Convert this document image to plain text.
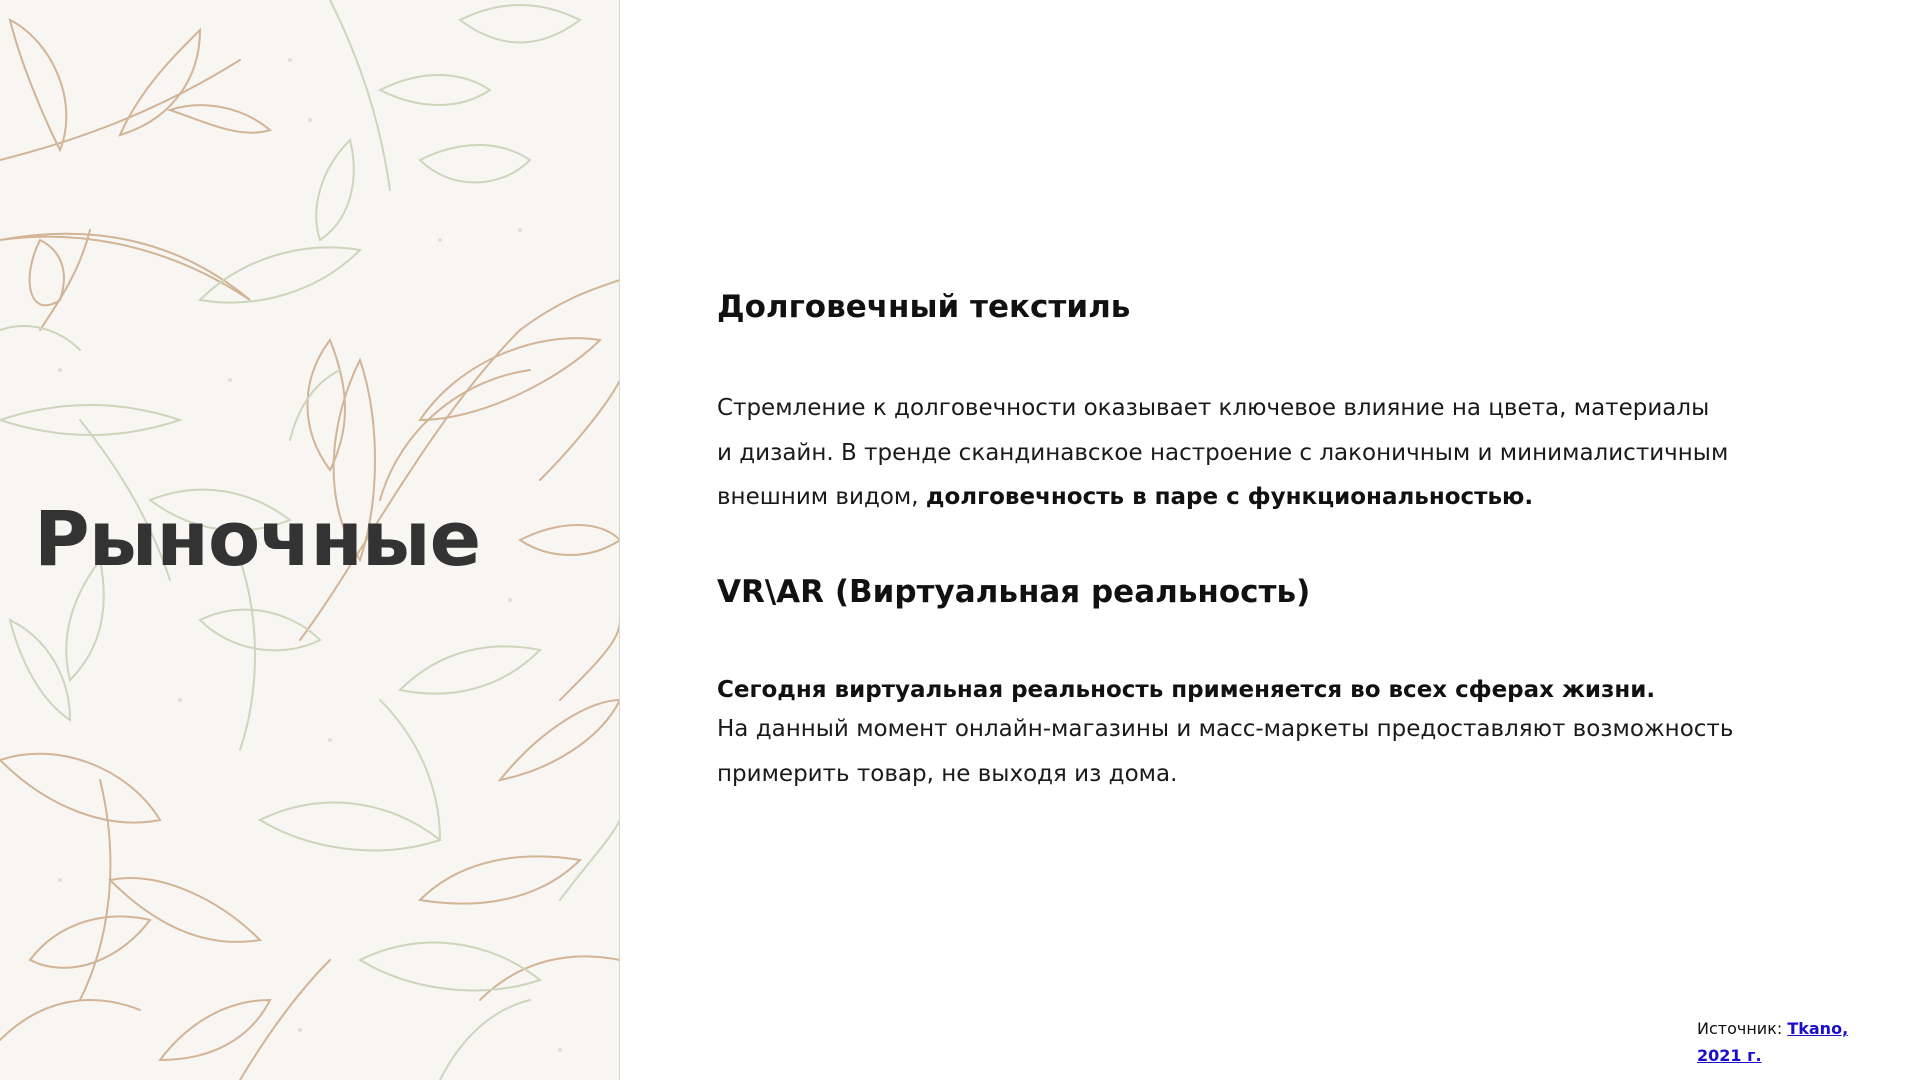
Рыночные
Долговечный текстиль

Стремление к долговечности оказывает ключевое влияние на цвета, материалы
и дизайн. В тренде скандинавское настроение с лаконичным и минималистичным
внешним видом, долговечность в паре с функциональностью.

VR\AR (Виртуальная реальность)

Сегодня виртуальная реальность применяется во всех сферах жизни.

На данный момент онлайн-магазины и масс-маркеты предоставляют возможность
примерить товар, не выходя из дома.

Источник: Tkano,
2021 г.
